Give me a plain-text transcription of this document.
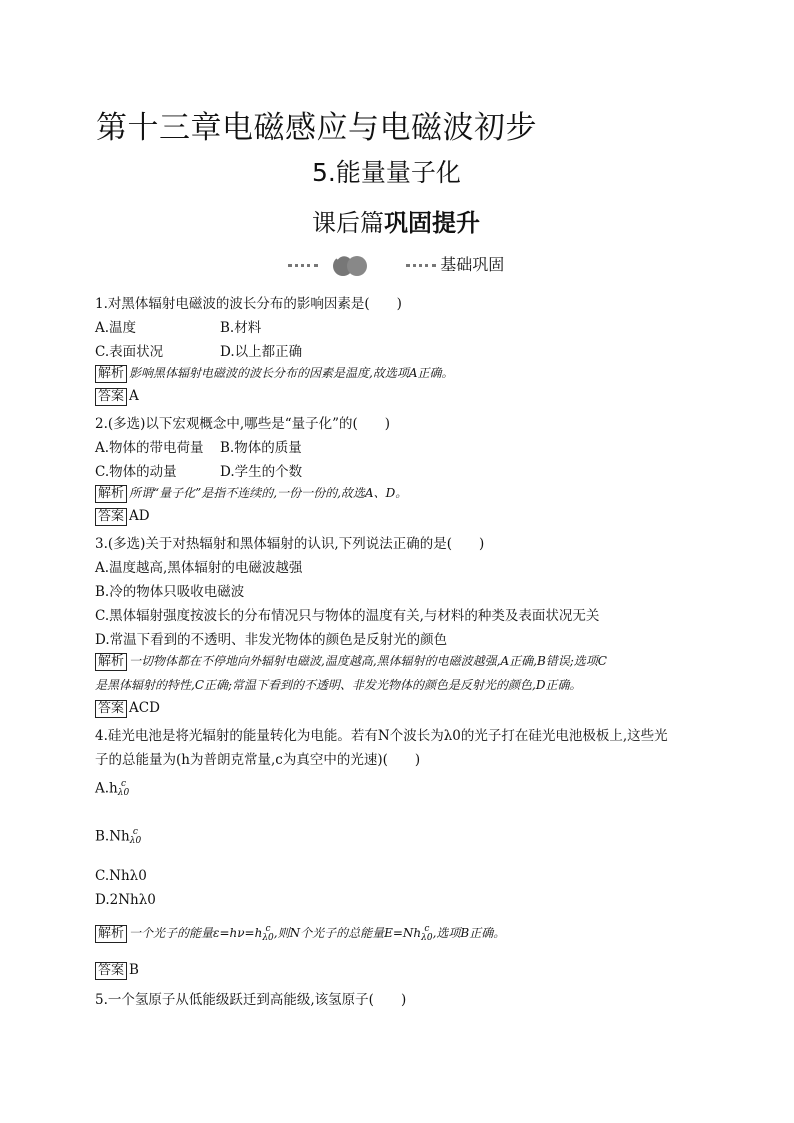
第十三章电磁感应与电磁波初步
5.能量量子化
课后篇巩固提升
基础巩固
1.对黑体辐射电磁波的波长分布的影响因素是(　　)
A.温度	B.材料
C.表面状况	D.以上都正确
解析 影响黑体辐射电磁波的波长分布的因素是温度,故选项A正确。
答案 A
2.(多选)以下宏观概念中,哪些是“量子化”的(　　)
A.物体的带电荷量 B.物体的质量
C.物体的动量	D.学生的个数
解析 所谓“量子化”是指不连续的,一份一份的,故选A、D。
答案 AD
3.(多选)关于对热辐射和黑体辐射的认识,下列说法正确的是(　　)
A.温度越高,黑体辐射的电磁波越强
B.冷的物体只吸收电磁波
C.黑体辐射强度按波长的分布情况只与物体的温度有关,与材料的种类及表面状况无关
D.常温下看到的不透明、非发光物体的颜色是反射光的颜色
解析 一切物体都在不停地向外辐射电磁波,温度越高,黑体辐射的电磁波越强,A正确,B错误;选项C
是黑体辐射的特性,C正确;常温下看到的不透明、非发光物体的颜色是反射光的颜色,D正确。
答案 ACD
4.硅光电池是将光辐射的能量转化为电能。若有N个波长为λ0的光子打在硅光电池极板上,这些光
子的总能量为(h为普朗克常量,c为真空中的光速)(　　)
A.h c
λ0
B.Nh c
λ0
C.Nhλ0
D.2Nhλ0
解析 一个光子的能量ε=hν=h c
λ0 ,则N个光子的总能量E=Nh c
λ0 ,选项B正确。
答案 B
5.一个氢原子从低能级跃迁到高能级,该氢原子(　　)
